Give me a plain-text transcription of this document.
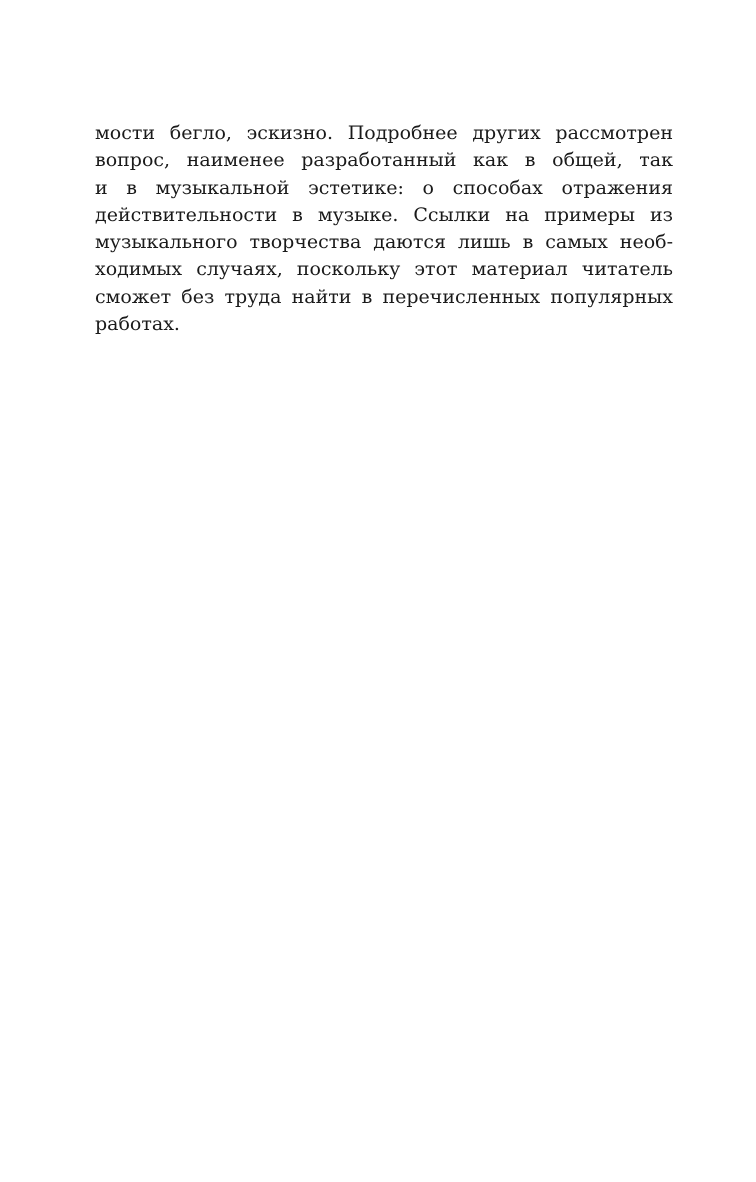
мости бегло, эскизно. Подробнее других рассмотрен
вопрос, наименее разработанный как в общей, так
и в музыкальной эстетике: о способах отражения
действительности в музыке. Ссылки на примеры из
музыкального творчества даются лишь в самых необ-
ходимых случаях, поскольку этот материал читатель
сможет без труда найти в перечисленных популярных
работах.
